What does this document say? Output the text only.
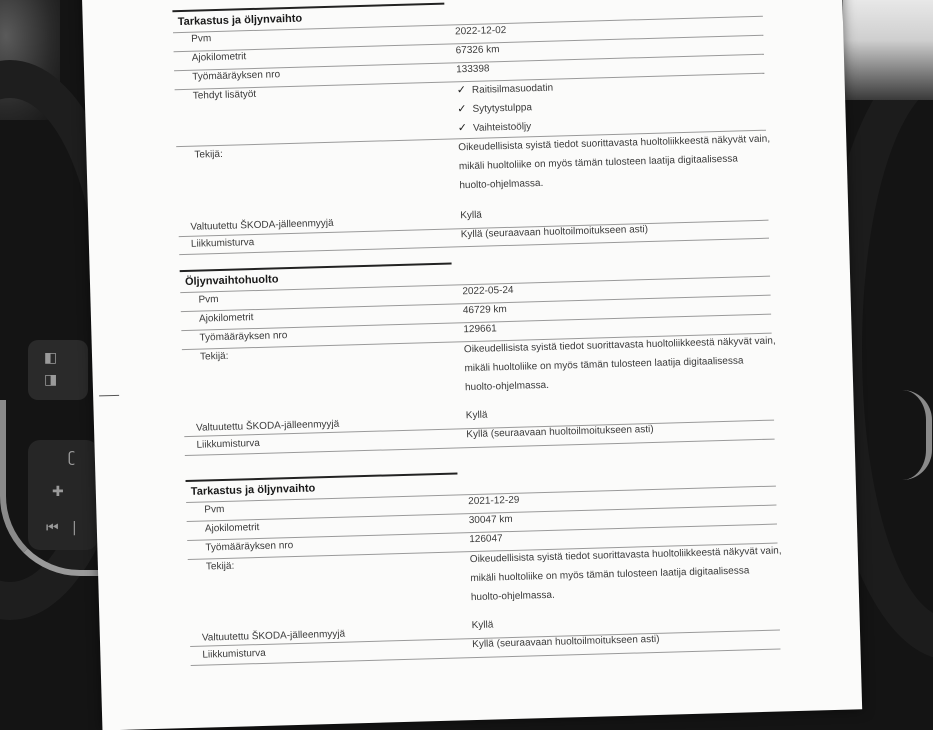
◧
◨
ʗ
✚
⏮ |
Tarkastus ja öljynvaihto
Pvm
2022-12-02
Ajokilometrit
67326 km
Työmääräyksen nro	133398
Tehdyt lisätyöt	✓ Raitisilmasuodatin
✓ Sytytystulppa
✓ Vaihteistoöljy
Tekijä:
Oikeudellisista syistä tiedot suorittavasta huoltoliikkeestä näkyvät vain,
mikäli huoltoliike on myös tämän tulosteen laatija digitaalisessa
huolto-ohjelmassa.
Valtuutettu ŠKODA-jälleenmyyjä
Kyllä
Liikkumisturva
Kyllä (seuraavaan huoltoilmoitukseen asti)
Öljynvaihtohuolto
Pvm
2022-05-24
Ajokilometrit
46729 km
Työmääräyksen nro
129661
Tekijä:
Oikeudellisista syistä tiedot suorittavasta huoltoliikkeestä näkyvät vain,
mikäli huoltoliike on myös tämän tulosteen laatija digitaalisessa
huolto-ohjelmassa.
Valtuutettu ŠKODA-jälleenmyyjä
Kyllä
Liikkumisturva
Kyllä (seuraavaan huoltoilmoitukseen asti)
Tarkastus ja öljynvaihto
Pvm
2021-12-29
Ajokilometrit
30047 km
Työmääräyksen nro
126047
Tekijä:
Oikeudellisista syistä tiedot suorittavasta huoltoliikkeestä näkyvät vain,
mikäli huoltoliike on myös tämän tulosteen laatija digitaalisessa
huolto-ohjelmassa.
Valtuutettu ŠKODA-jälleenmyyjä
Kyllä
Liikkumisturva
Kyllä (seuraavaan huoltoilmoitukseen asti)
